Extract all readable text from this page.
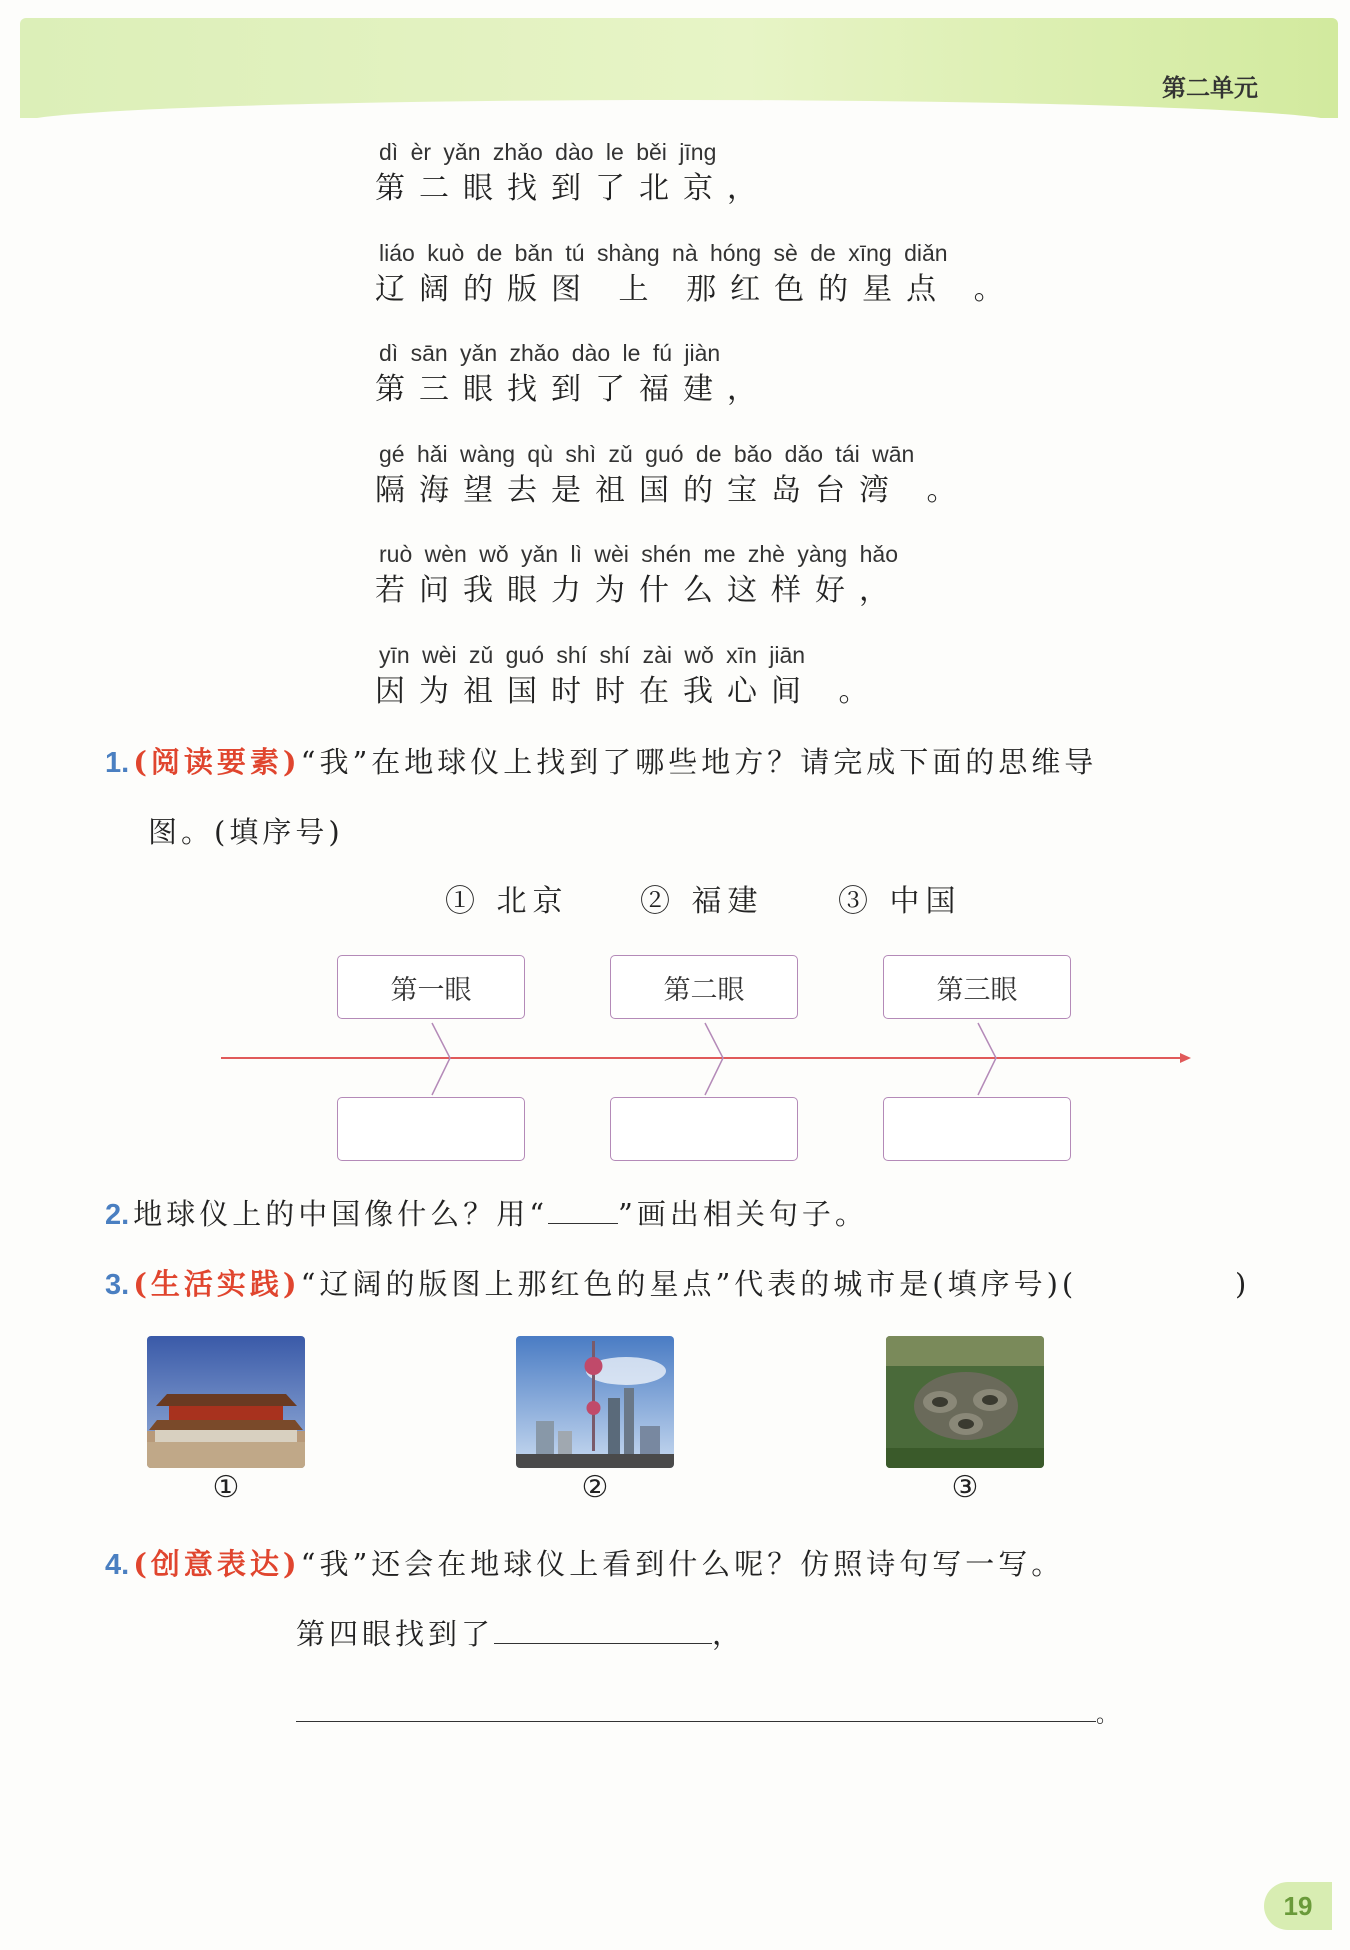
第二单元
dì èr yǎn zhǎo dào le běi jīng
第二眼找到了北京，
liáo kuò de bǎn tú shàng nà hóng sè de xīng diǎn
辽阔的版图 上 那红色的星点 。
dì sān yǎn zhǎo dào le fú jiàn
第三眼找到了福建，
gé hǎi wàng qù shì zǔ guó de bǎo dǎo tái wān
隔海望去是祖国的宝岛台湾 。
ruò wèn wǒ yǎn lì wèi shén me zhè yàng hǎo
若问我眼力为什么这样好，
yīn wèi zǔ guó shí shí zài wǒ xīn jiān
因为祖国时时在我心间 。
1. (阅读要素)“我”在地球仪上找到了哪些地方？请完成下面的思维导
图。(填序号)
① 北京 ② 福建 ③ 中国
第一眼	第二眼	第三眼
2. 地球仪上的中国像什么？用“ ”画出相关句子。
3. (生活实践)“辽阔的版图上那红色的星点”代表的城市是(填序号)(	)
①	②	③
4. (创意表达)“我”还会在地球仪上看到什么呢？仿照诗句写一写。
第四眼找到了	，
。
19
